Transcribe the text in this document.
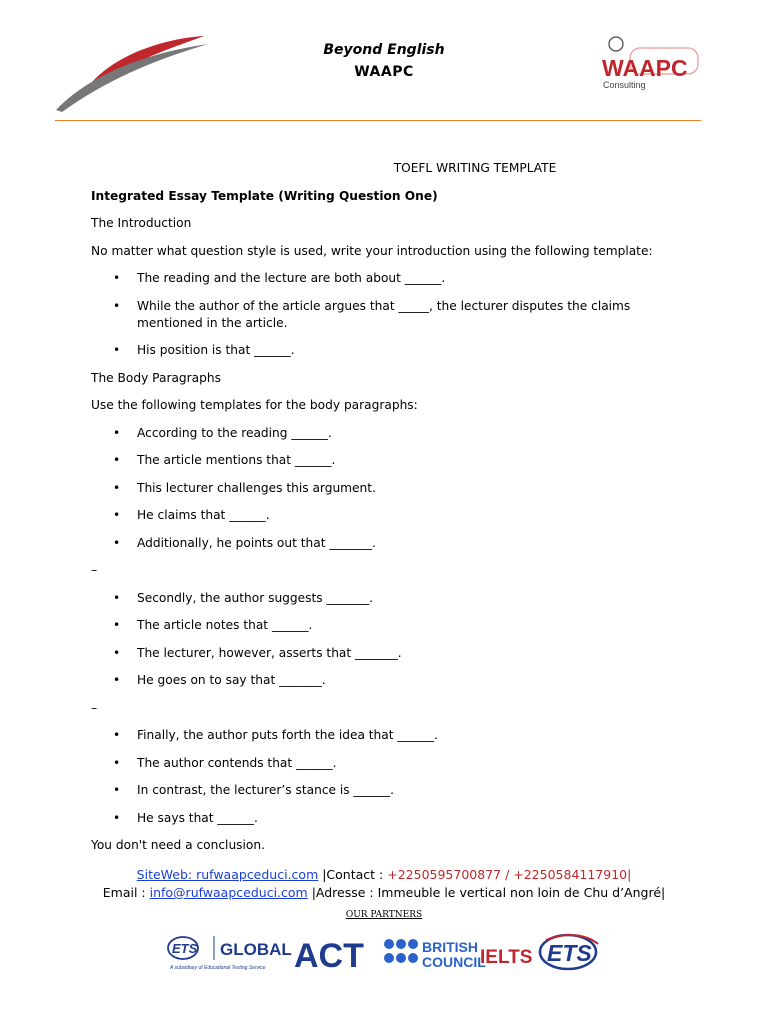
Beyond English
WAAPC	WAAPC
Consulting

TOEFL WRITING TEMPLATE

Integrated Essay Template (Writing Question One)

The Introduction

No matter what question style is used, write your introduction using the following template:

• The reading and the lecture are both about ______.
• While the author of the article argues that _____, the lecturer disputes the claims mentioned in the article.
• His position is that ______.

The Body Paragraphs

Use the following templates for the body paragraphs:

• According to the reading ______.
• The article mentions that ______.
• This lecturer challenges this argument.
• He claims that ______.
• Additionally, he points out that _______.

–

• Secondly, the author suggests _______.
• The article notes that ______.
• The lecturer, however, asserts that _______.
• He goes on to say that _______.

–

• Finally, the author puts forth the idea that ______.
• The author contends that ______.
• In contrast, the lecturer’s stance is ______.
• He says that ______.

You don't need a conclusion.

SiteWeb: rufwaapceduci.com |Contact : +2250595700877 / +2250584117910|
Email : info@rufwaapceduci.com |Adresse : Immeuble le vertical non loin de Chu d’Angré|
OUR PARTNERS
ETS GLOBAL
A subsidiary of Educational Testing Service ACT	BRITISH
COUNCIL
IELTS ETS
